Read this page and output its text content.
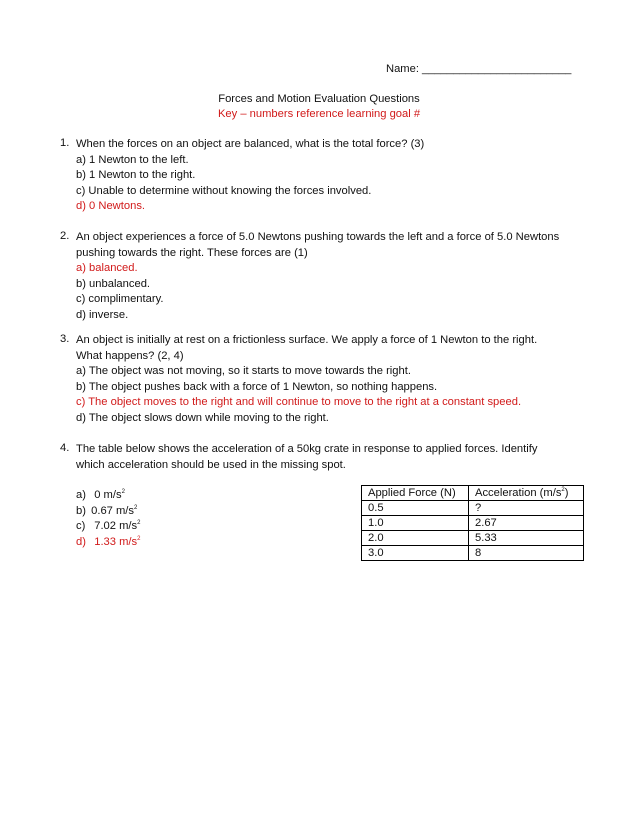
Name: ________________________
Forces and Motion Evaluation Questions
Key – numbers reference learning goal #
1. When the forces on an object are balanced, what is the total force? (3)
a) 1 Newton to the left.
b) 1 Newton to the right.
c) Unable to determine without knowing the forces involved.
d) 0 Newtons.
2. An object experiences a force of 5.0 Newtons pushing towards the left and a force of 5.0 Newtons
pushing towards the right. These forces are (1)
a) balanced.
b) unbalanced.
c) complimentary.
d) inverse.
3. An object is initially at rest on a frictionless surface. We apply a force of 1 Newton to the right.
What happens? (2, 4)
a) The object was not moving, so it starts to move towards the right.
b) The object pushes back with a force of 1 Newton, so nothing happens.
c) The object moves to the right and will continue to move to the right at a constant speed.
d) The object slows down while moving to the right.
4. The table below shows the acceleration of a 50kg crate in response to applied forces. Identify
which acceleration should be used in the missing spot.
a) 0 $m/s^2$
b) 0.67 $m/s^2$
c) 7.02 $m/s^2$
d) 1.33 $m/s^2$
Applied Force (N)	Acceleration $(m/s^2)$
0.5	?
1.0	2.67
2.0	5.33
3.0	8
